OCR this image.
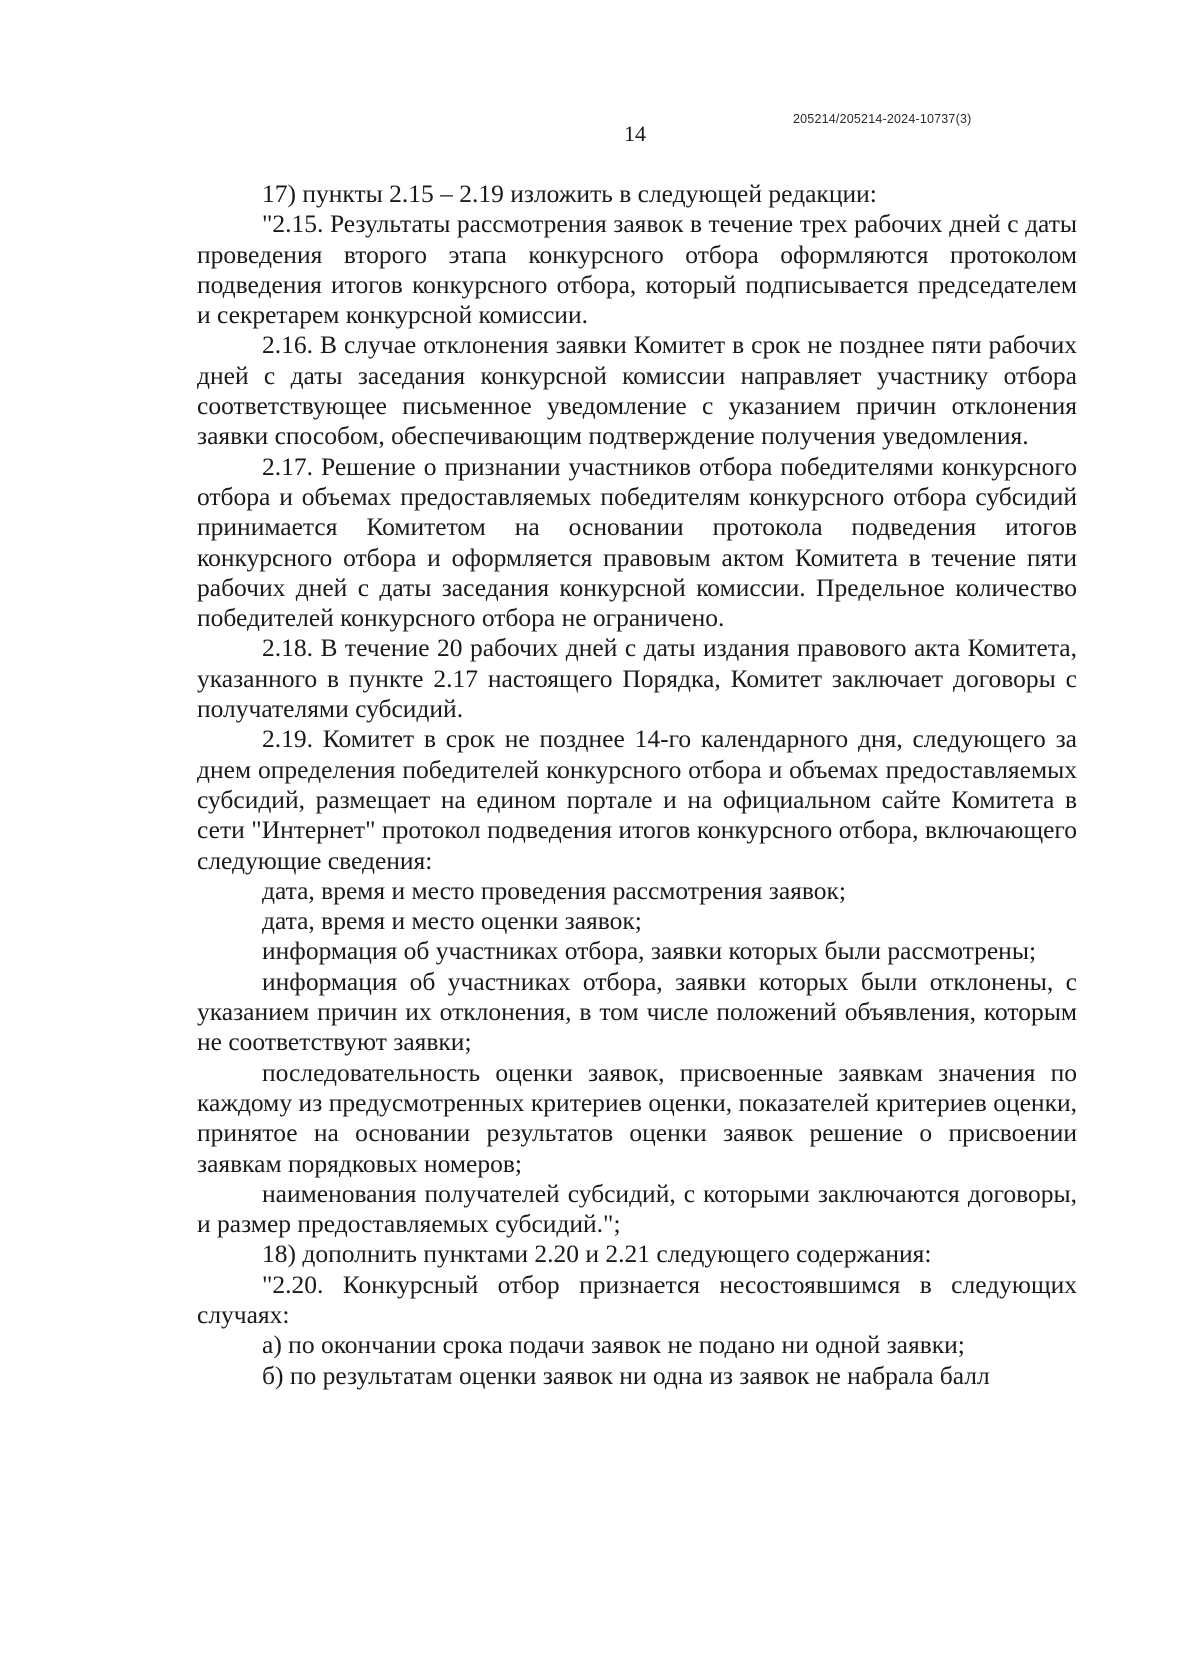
205214/205214-2024-10737(3)
14

17) пункты 2.15 – 2.19 изложить в следующей редакции:

"2.15. Результаты рассмотрения заявок в течение трех рабочих дней с даты проведения второго этапа конкурсного отбора оформляются протоколом подведения итогов конкурсного отбора, который подписывается председателем и секретарем конкурсной комиссии.

2.16. В случае отклонения заявки Комитет в срок не позднее пяти рабочих дней с даты заседания конкурсной комиссии направляет участнику отбора соответствующее письменное уведомление с указанием причин отклонения заявки способом, обеспечивающим подтверждение получения уведомления.

2.17. Решение о признании участников отбора победителями конкурсного отбора и объемах предоставляемых победителям конкурсного отбора субсидий принимается Комитетом на основании протокола подведения итогов конкурсного отбора и оформляется правовым актом Комитета в течение пяти рабочих дней с даты заседания конкурсной комиссии. Предельное количество победителей конкурсного отбора не ограничено.

2.18. В течение 20 рабочих дней с даты издания правового акта Комитета, указанного в пункте 2.17 настоящего Порядка, Комитет заключает договоры с получателями субсидий.

2.19. Комитет в срок не позднее 14-го календарного дня, следующего за днем определения победителей конкурсного отбора и объемах предоставляемых субсидий, размещает на едином портале и на официальном сайте Комитета в сети "Интернет" протокол подведения итогов конкурсного отбора, включающего следующие сведения:

дата, время и место проведения рассмотрения заявок;

дата, время и место оценки заявок;

информация об участниках отбора, заявки которых были рассмотрены;

информация об участниках отбора, заявки которых были отклонены, с указанием причин их отклонения, в том числе положений объявления, которым не соответствуют заявки;

последовательность оценки заявок, присвоенные заявкам значения по каждому из предусмотренных критериев оценки, показателей критериев оценки, принятое на основании результатов оценки заявок решение о присвоении заявкам порядковых номеров;

наименования получателей субсидий, с которыми заключаются договоры, и размер предоставляемых субсидий.";

18) дополнить пунктами 2.20 и 2.21 следующего содержания:

"2.20. Конкурсный отбор признается несостоявшимся в следующих случаях:

а) по окончании срока подачи заявок не подано ни одной заявки;

б) по результатам оценки заявок ни одна из заявок не набрала балл
